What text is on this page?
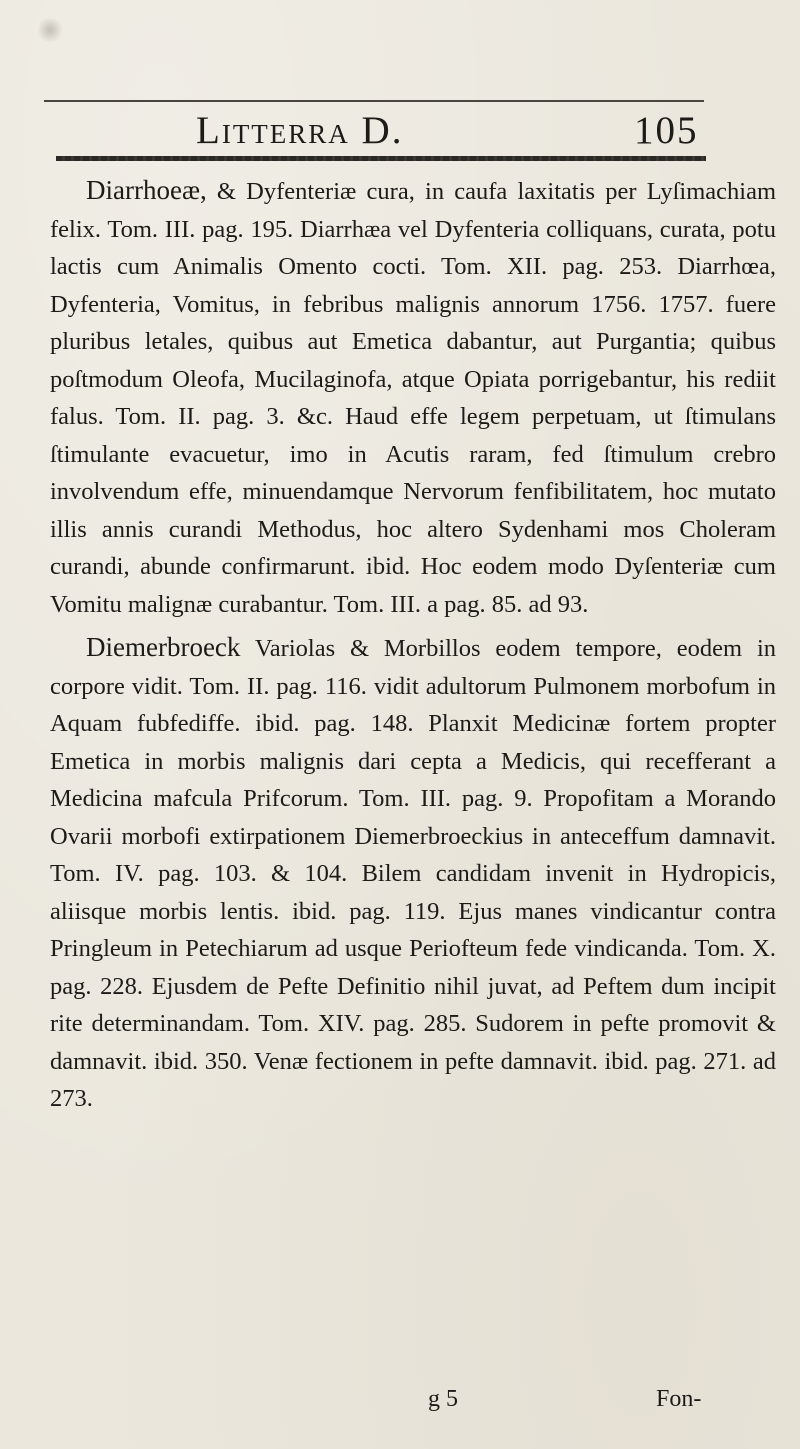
Litterra D.	105

Diarrhoeæ, & Dyfenteriæ cura, in caufa laxitatis per Lyſimachiam felix. Tom. III. pag. 195. Diarrhæa vel Dyfenteria colliquans, curata, potu lactis cum Animalis Omento cocti. Tom. XII. pag. 253. Diarrhœa, Dyfenteria, Vomitus, in febribus malignis annorum 1756. 1757. fuere pluribus letales, quibus aut Emetica dabantur, aut Purgantia; quibus poſtmodum Oleofa, Mucilaginofa, atque Opiata porrigebantur, his rediit falus. Tom. II. pag. 3. &c. Haud effe legem perpetuam, ut ſtimulans ſtimulante evacuetur, imo in Acutis raram, fed ſtimulum crebro involvendum effe, minuendamque Nervorum fenfibilitatem, hoc mutato illis annis curandi Methodus, hoc altero Sydenhami mos Choleram curandi, abunde confirmarunt. ibid. Hoc eodem modo Dyſenteriæ cum Vomitu malignæ curabantur. Tom. III. a pag. 85. ad 93.

Diemerbroeck Variolas & Morbillos eodem tempore, eodem in corpore vidit. Tom. II. pag. 116. vidit adultorum Pulmonem morbofum in Aquam fubfediffe. ibid. pag. 148. Planxit Medicinæ fortem propter Emetica in morbis malignis dari cepta a Medicis, qui recefferant a Medicina mafcula Prifcorum. Tom. III. pag. 9. Propofitam a Morando Ovarii morbofi extirpationem Diemerbroeckius in anteceffum damnavit. Tom. IV. pag. 103. & 104. Bilem candidam invenit in Hydropicis, aliisque morbis lentis. ibid. pag. 119. Ejus manes vindicantur contra Pringleum in Petechiarum ad usque Periofteum fede vindicanda. Tom. X. pag. 228. Ejusdem de Pefte Definitio nihil juvat, ad Peftem dum incipit rite determinandam. Tom. XIV. pag. 285. Sudorem in pefte promovit & damnavit. ibid. 350. Venæ fectionem in pefte damnavit. ibid. pag. 271. ad 273.

g 5	Fon-
